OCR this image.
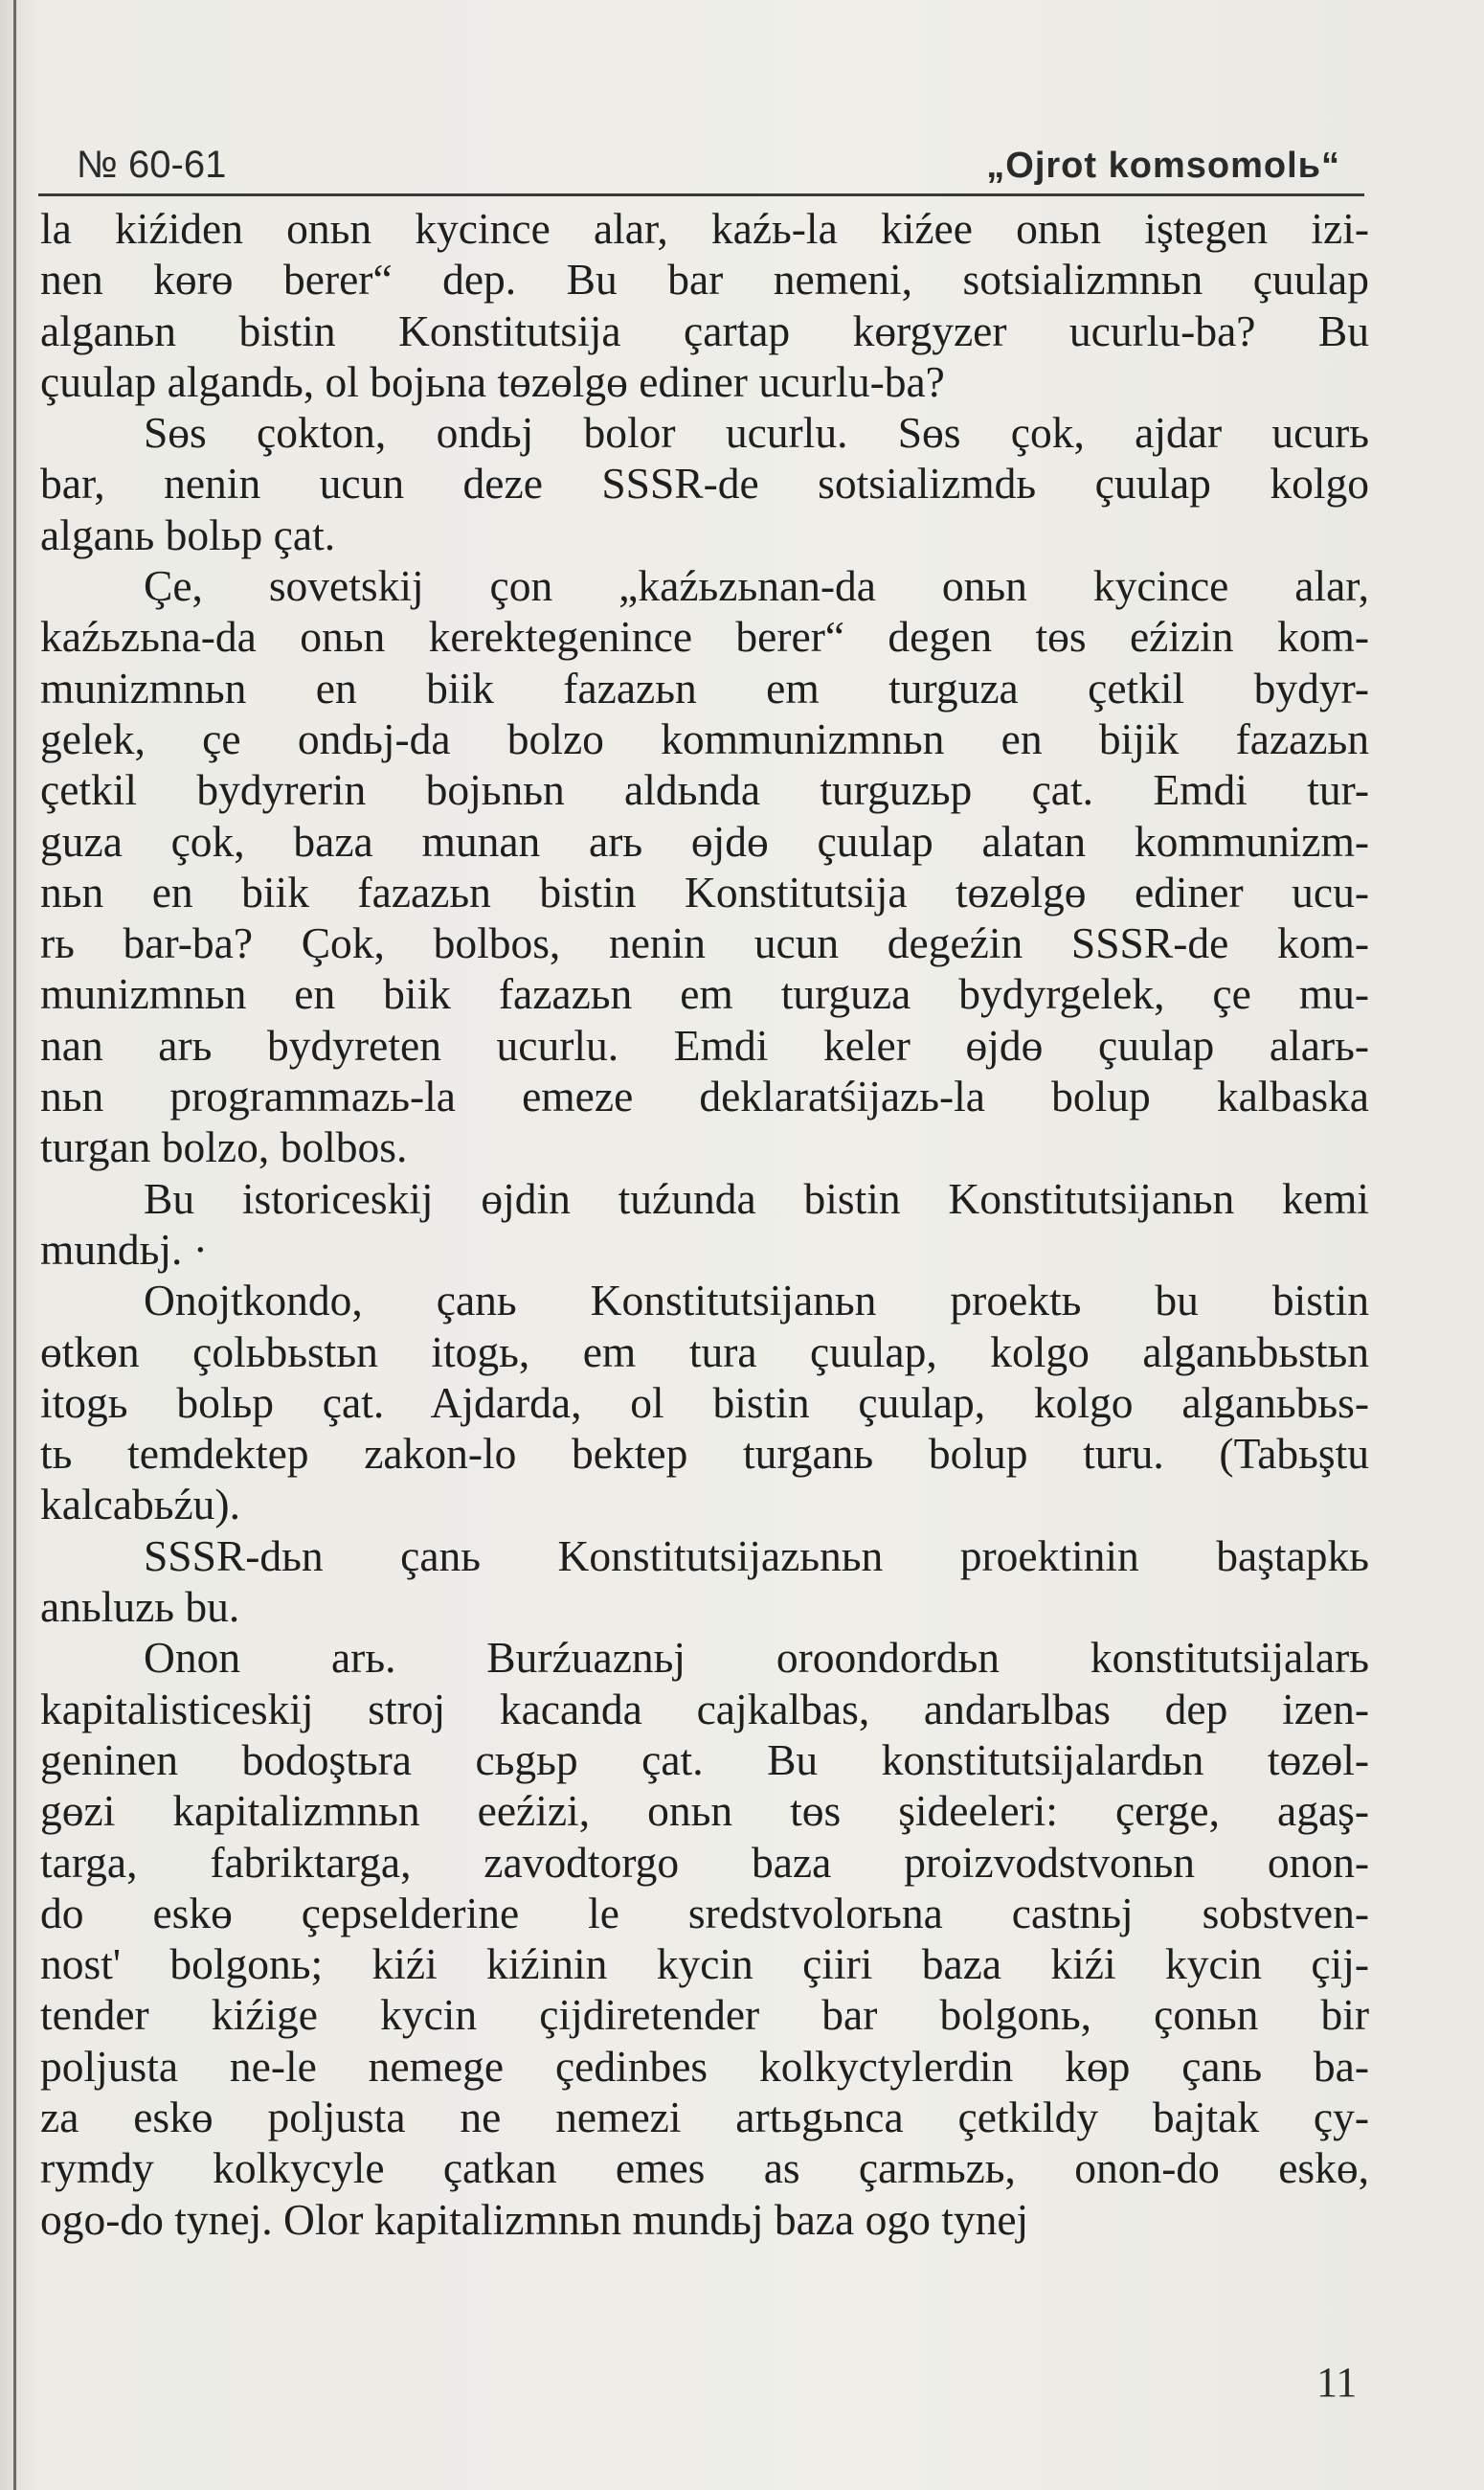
№ 60-61	„Ojrot komsomolь“
la kiźiden onьn kycince alar, kaźь-la kiźee onьn iştegen izi-
nen kөrө berer“ dep. Bu bar nemeni, sotsializmnьn çuulap
alganьn bistin Konstitutsija çartap kөrgyzer ucurlu-ba? Bu
çuulap algandь, ol bojьna tөzөlgө ediner ucurlu-ba?
Sөs çokton, ondьj bolor ucurlu. Sөs çok, ajdar ucurь
bar, nenin ucun deze SSSR-de sotsializmdь çuulap kolgo
alganь bolьp çat.
Çe, sovetskij çon „kaźьzьnan-da onьn kycince alar,
kaźьzьna-da onьn kerektegenince berer“ degen tөs eźizin kom-
munizmnьn en biik fazazьn em turguza çetkil bydyr-
gelek, çe ondьj-da bolzo kommunizmnьn en bijik fazazьn
çetkil bydyrerin bojьnьn aldьnda turguzьp çat. Emdi tur-
guza çok, baza munan arь өjdө çuulap alatan kommunizm-
nьn en biik fazazьn bistin Konstitutsija tөzөlgө ediner ucu-
rь bar-ba? Çok, bolbos, nenin ucun degeźin SSSR-de kom-
munizmnьn en biik fazazьn em turguza bydyrgelek, çe mu-
nan arь bydyreten ucurlu. Emdi keler өjdө çuulap alarь-
nьn programmazь-la emeze deklaratśijazь-la bolup kalbaska
turgan bolzo, bolbos.
Bu istoriceskij өjdin tuźunda bistin Konstitutsijanьn kemi
mundьj. ·
Onojtkondo, çanь Konstitutsijanьn proektь bu bistin
өtkөn çolьbьstьn itogь, em tura çuulap, kolgo alganьbьstьn
itogь bolьp çat. Ajdarda, ol bistin çuulap, kolgo alganьbьs-
tь temdektep zakon-lo bektep turganь bolup turu. (Tabьştu
kalcabьźu).
SSSR-dьn çanь Konstitutsijazьnьn proektinin baştapkь
anьluzь bu.
Onon arь. Burźuaznьj oroondordьn konstitutsijalarь
kapitalisticeskij stroj kacanda cajkalbas, andarьlbas dep izen-
geninen bodoştьra cьgьp çat. Bu konstitutsijalardьn tөzөl-
gөzi kapitalizmnьn eeźizi, onьn tөs şideeleri: çerge, agaş-
targa, fabriktarga, zavodtorgo baza proizvodstvonьn onon-
do eskө çepselderine le sredstvolorьna castnьj sobstven-
nost' bolgonь; kiźi kiźinin kycin çiiri baza kiźi kycin çij-
tender kiźige kycin çijdiretender bar bolgonь, çonьn bir
poljusta ne-le nemege çedinbes kolkyctylerdin kөp çanь ba-
za eskө poljusta ne nemezi artьgьnca çetkildy bajtak çy-
rymdy kolkycyle çatkan emes as çarmьzь, onon-do eskө,
ogo-do tynej. Olor kapitalizmnьn mundьj baza ogo tynej
11
